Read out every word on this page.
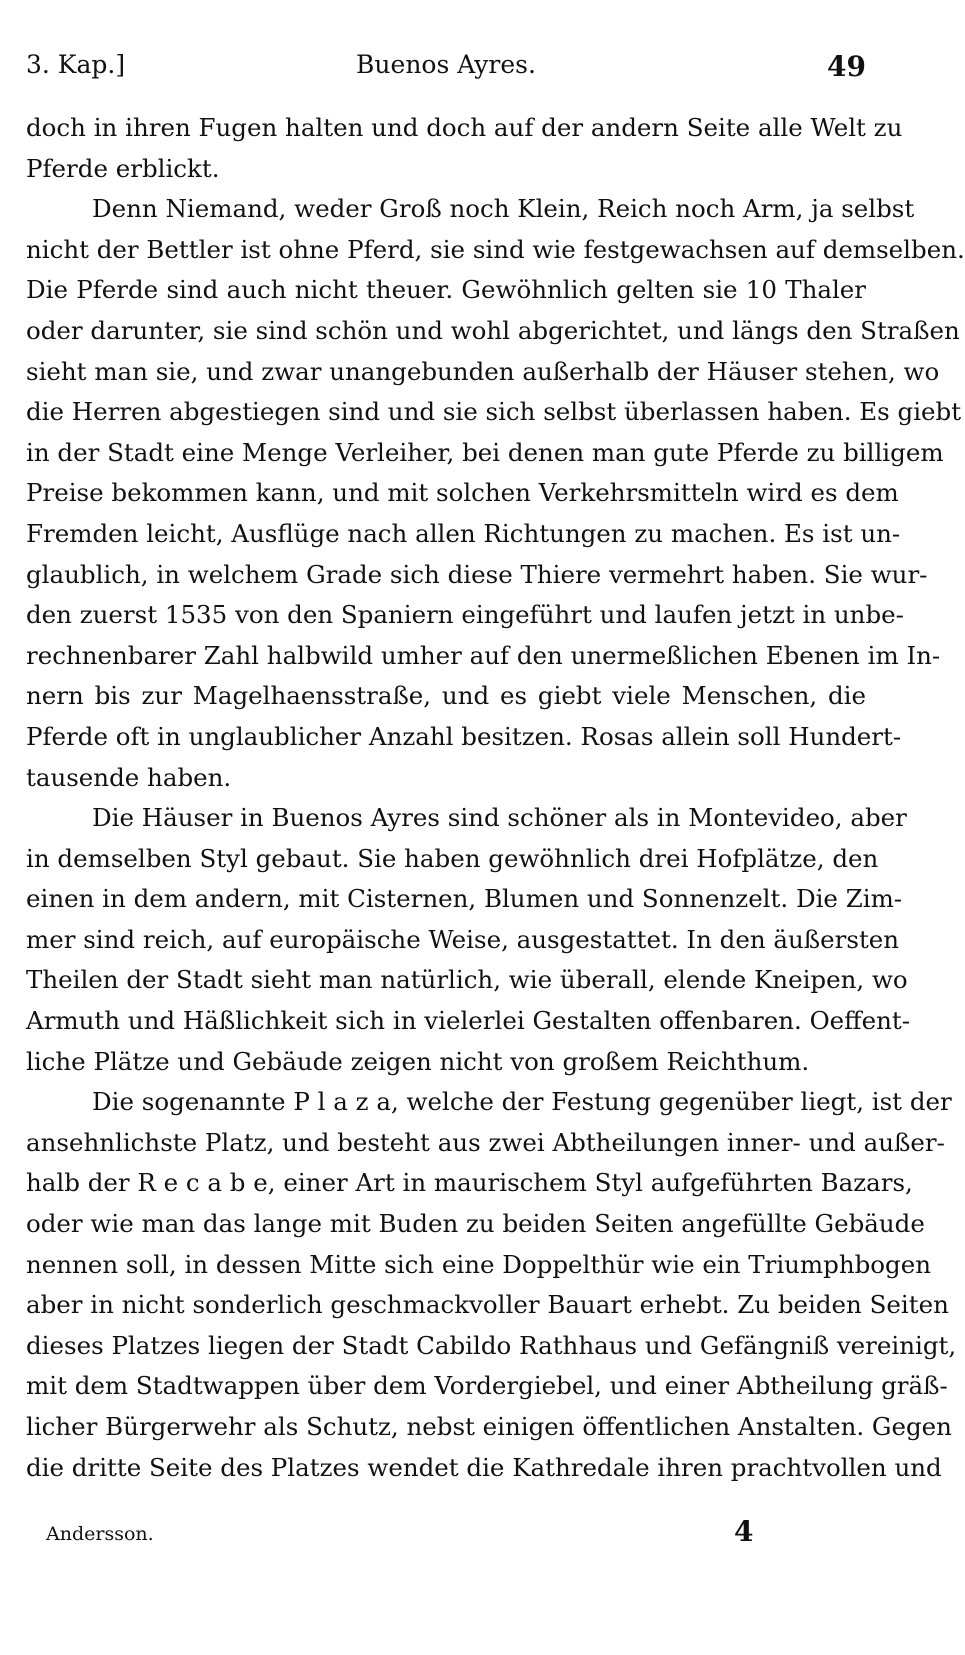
3. Kap.]	Buenos Ayres.	49
doch in ihren Fugen halten und doch auf der andern Seite alle Welt zu
Pferde erblickt.
Denn Niemand, weder Groß noch Klein, Reich noch Arm, ja selbst
nicht der Bettler ist ohne Pferd, sie sind wie festgewachsen auf demselben.
Die Pferde sind auch nicht theuer. Gewöhnlich gelten sie 10 Thaler
oder darunter, sie sind schön und wohl abgerichtet, und längs den Straßen
sieht man sie, und zwar unangebunden außerhalb der Häuser stehen, wo
die Herren abgestiegen sind und sie sich selbst überlassen haben. Es giebt
in der Stadt eine Menge Verleiher, bei denen man gute Pferde zu billigem
Preise bekommen kann, und mit solchen Verkehrsmitteln wird es dem
Fremden leicht, Ausflüge nach allen Richtungen zu machen. Es ist un-
glaublich, in welchem Grade sich diese Thiere vermehrt haben. Sie wur-
den zuerst 1535 von den Spaniern eingeführt und laufen jetzt in unbe-
rechnenbarer Zahl halbwild umher auf den unermeßlichen Ebenen im In-
nern bis zur Magelhaensstraße, und es giebt viele Menschen, die
Pferde oft in unglaublicher Anzahl besitzen. Rosas allein soll Hundert-
tausende haben.
Die Häuser in Buenos Ayres sind schöner als in Montevideo, aber
in demselben Styl gebaut. Sie haben gewöhnlich drei Hofplätze, den
einen in dem andern, mit Cisternen, Blumen und Sonnenzelt. Die Zim-
mer sind reich, auf europäische Weise, ausgestattet. In den äußersten
Theilen der Stadt sieht man natürlich, wie überall, elende Kneipen, wo
Armuth und Häßlichkeit sich in vielerlei Gestalten offenbaren. Oeffent-
liche Plätze und Gebäude zeigen nicht von großem Reichthum.
Die sogenannte P l a z a, welche der Festung gegenüber liegt, ist der
ansehnlichste Platz, und besteht aus zwei Abtheilungen inner- und außer-
halb der R e c a b e, einer Art in maurischem Styl aufgeführten Bazars,
oder wie man das lange mit Buden zu beiden Seiten angefüllte Gebäude
nennen soll, in dessen Mitte sich eine Doppelthür wie ein Triumphbogen
aber in nicht sonderlich geschmackvoller Bauart erhebt. Zu beiden Seiten
dieses Platzes liegen der Stadt Cabildo Rathhaus und Gefängniß vereinigt,
mit dem Stadtwappen über dem Vordergiebel, und einer Abtheilung gräß-
licher Bürgerwehr als Schutz, nebst einigen öffentlichen Anstalten. Gegen
die dritte Seite des Platzes wendet die Kathredale ihren prachtvollen und
Andersson.	4
